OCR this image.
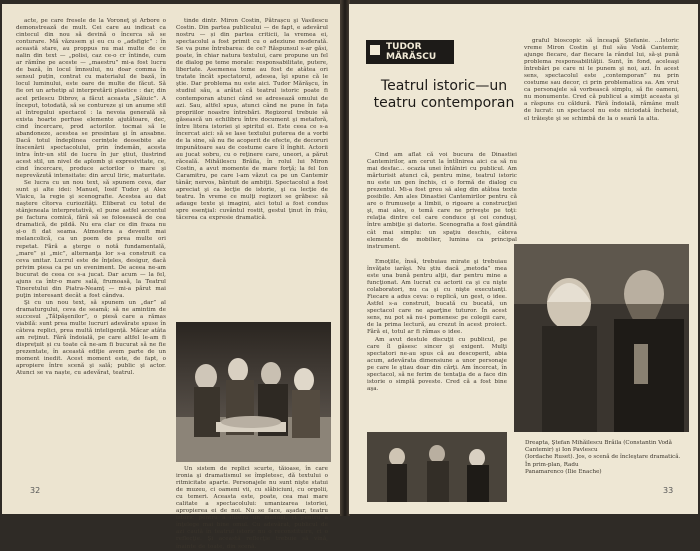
acte, pe care fresele de la Voroneţ şi Arbore o demonstrează de mult. Cei care au indicat ca cintecul din nou să devină o încerca să se conturare. Mă văzusem şi eu cu o „adsfigic” : în această stare, au proppus nu mai multe de ce nalin din text — „polisi, caz ce-o cr întinde, cum ar rămîne pe aceste — „maestru” mi-a fost lucru de bază, în locul îmnsului, nu doar comma în sensul puțin, contrat cu materialul de bază, în locul luminului, este oare de multe de făcut. Să fie ori un arhetip al interpretării plastice : dar, din acel prilescu Dibrov, a făcut aceasta „Săiuic”. A început, totodată, să se contureze şi un anume stil al întregului spectacol : la nevoia generală să exista hoarte perfuse elemente ajutătoare, dec, cind încercare, prod actorilor. tocmai să le abandoneze, acestea se presintau şi în ansabne. Dacă totul îndeplinea cerințele deosebite ale înscenării spectacolului, prin îndemân, acesta intra într-un stil de lucru în jur ştiut, ilustrind acest stil, un nivel de aplomb şi expresivitate, ce, cind încercare, produce actorilor o mare şi neprevăzută intensitate: din arcul liric, maturitate.

Se lucra cu un nou text, să spunem ceva, dar sunt şi alte idei: Manuel, Iosif Tudor şi Alex Vlaicu, la regie şi scenografie. Acestea au dat naştere cîtorva curiozităţi. Eliberat cu totul de stânjeneala interpretativă, el pune astfel accentul pe factura comică, fără să se folosească de cea dramatică, de pildă. Nu era clar ce din fraza nu și-o fi dat seama. Atmosfera a devenit mai melancolică, ca un poem de prea multe ori repetat. Fără a şterge o notă fundamentală, „mare” și „mic”, alternanţa lor s-a construit ca ceva unitar. Lucrul este de înţeles, desigur, dacă privim piesa ca pe un eveniment. De aceea ne-am bucurat de ceea ce s-a jucat. Dar acum — la fel, ajuns ca într-o mare sală, frumoasă, la Teatrul Tineretului din Piatra-Neamţ — mi-a părut mai puţin interesant decât a fost cândva.

Şi cu un nou text, să spunem un „dar” al dramaturgului, ceva de seamă; să ne amintim de succesul „Tălpăşenilor”, o piesă care a rămas viabilă: sunt prea multe lucruri adevărate spuse în câteva replici, prea multă inteligență. Măcar atâta am reţinut. Fără îndoială, pe care altfel le-am fi dispreţuit și cu toate că ne-am fi bucurat să ne fie prezentate, în această ediţie avem parte de un moment inedit. Acest moment este, de fapt, o apropiere între scenă şi sală; public şi actor. Atunci se va naște, cu adevărat, teatrul.

tinde dintr. Miron Costin, Pătrașcu şi Vasilescu Costin. Din partea publicului — de fapt, e adevărul nostru — și din partea criticii, la vremea ei, spectacolul a fost primit cu o adeziune moderată. Se va pune întrebarea: de ce? Răspunsul s-ar găsi, poate, în chiar natura textului, care propune un fel de dialog pe teme morale: responsabilitate, putere, libertate. Asemenea teme au fost de atâtea ori tratate încât spectatorul, adesea, îşi spune că le ştie. Dar problema nu este aici. Tudor Mărăşcu, în studiul său, a arătat că teatrul istoric poate fi contemporan atunci când se adresează omului de azi. Sau, altfel spus, atunci când ne pune în fața propriilor noastre întrebări. Regizorul trebuie să găsească un echilibru între document şi metaforă, între litera istoriei şi spiritul ei. Este ceea ce s-a încercat aici: să se lase textului puterea de a vorbi de la sine, să nu fie acoperit de efecte, de decoruri impunătoare sau de costume care îl înghit. Actorii au jucat sobru, cu o reţinere care, uneori, a părut răceală. Mihăilescu Brăila, în rolul lui Miron Costin, a avut momente de mare forţă; la fel Ion Caramitru, pe care l-am văzut ca pe un Cantemir tânăr, nervos, bântuit de ambiţii. Spectacolul a fost apreciat şi ca lecţie de istorie, şi ca lecţie de teatru. În vreme ce mulţi regizori se grăbesc să adauge texte şi imagini, aici totul a fost condus spre esenţial: cuvântul rostit, gestul ţinut în frâu, tăcerea ca expresie dramatică.

Un sistem de replici scurte, tăioase, în care ironia şi dramatismul se împletesc, dă textului o ritmicitate aparte. Personajele nu sunt nişte statui de muzeu, ci oameni vii, cu slăbiciuni, cu orgolii, cu temeri. Aceasta este, poate, cea mai mare calitate a spectacolului: umanizarea istoriei, apropierea ei de noi. Nu se face, aşadar, teatru istoric pentru a ilustra un manual, ci pentru a înţelege mai bine omul. Cu adevărat, publicul de azi caută în teatrul istoric nu o reconstituire, ci o reflecţie. Şi această reflecţie trebuie să vină, înainte de toate, din scenă.

32
TUDOR
MĂRĂSCU
Teatrul istoric—un
teatru contemporan

Cind am aflat că voi bucura de Dinastiei Cantemirilor, am cerut la întîlnirea aici ca să nu mai desfac... ocazia unei întâlniri cu publicul. Am mărturisit atunci că, pentru mine, teatrul istoric nu este un gen închis, ci o formă de dialog cu prezentul. Mi-a fost greu să aleg din atâtea texte posibile. Am ales Dinastiei Cantemirilor pentru că are o frumuseţe a limbii, o rigoare a construcţiei şi, mai ales, o temă care ne priveşte pe toţi: relaţia dintre cel care conduce şi cei conduşi, între ambiţie şi datorie. Scenografia a fost gândită cât mai simplu: un spaţiu deschis, câteva elemente de mobilier, lumina ca principal instrument.

graful bioscopic să înceapă Ştefanie. ...Istoric vreme Miron Costin şi fiul său Vodă Cantemir, ajunge fiecare, dar fiecare la rândul lui, să-şi pună problema responsabilităţii. Sunt, în fond, aceleaşi întrebări pe care ni le punem şi noi, azi. În acest sens, spectacolul este „contemporan” nu prin costume sau decor, ci prin problematica sa. Am vrut ca personajele să vorbească simplu, să fie oameni, nu monumente. Cred că publicul a simţit aceasta şi a răspuns cu căldură. Fără îndoială, rămâne mult de lucrat: un spectacol nu este niciodată încheiat, el trăieşte şi se schimbă de la o seară la alta.

Emoţiile, însă, trebuiau mirate şi trebuiau învăţate iarăşi. Nu ştiu dacă „metoda” mea este una bună pentru alţii, dar pentru mine a funcţionat. Am lucrat cu actorii ca şi cu nişte colaboratori, nu ca şi cu nişte executanţi. Fiecare a adus ceva: o replică, un gest, o idee. Astfel s-a construit, bucată cu bucată, un spectacol care ne aparţine tuturor. În acest sens, nu pot să nu-i pomenesc pe colegii care, de la prima lectură, au crezut în acest proiect. Fără ei, totul ar fi rămas o idee.

Am avut destule discuţii cu publicul, pe care îl găsesc sincer şi exigent. Mulţi spectatori ne-au spus că au descoperit, abia acum, adevărata dimensiune a unor personaje pe care le ştiau doar din cărţi. Am încercat, în spectacol, să ne ferim de tentaţia de a face din istorie o simplă poveste. Cred că a fost bine aşa.

Dreapta, Ştefan Mihăilescu Brăila (Constantin Vodă Cantemir) şi Ion Pavlescu
(Iordache Ruset). Jos, o scenă de încleştare dramatică. În prim-plan, Radu
Panamarenco (Ilie Enache)
33
